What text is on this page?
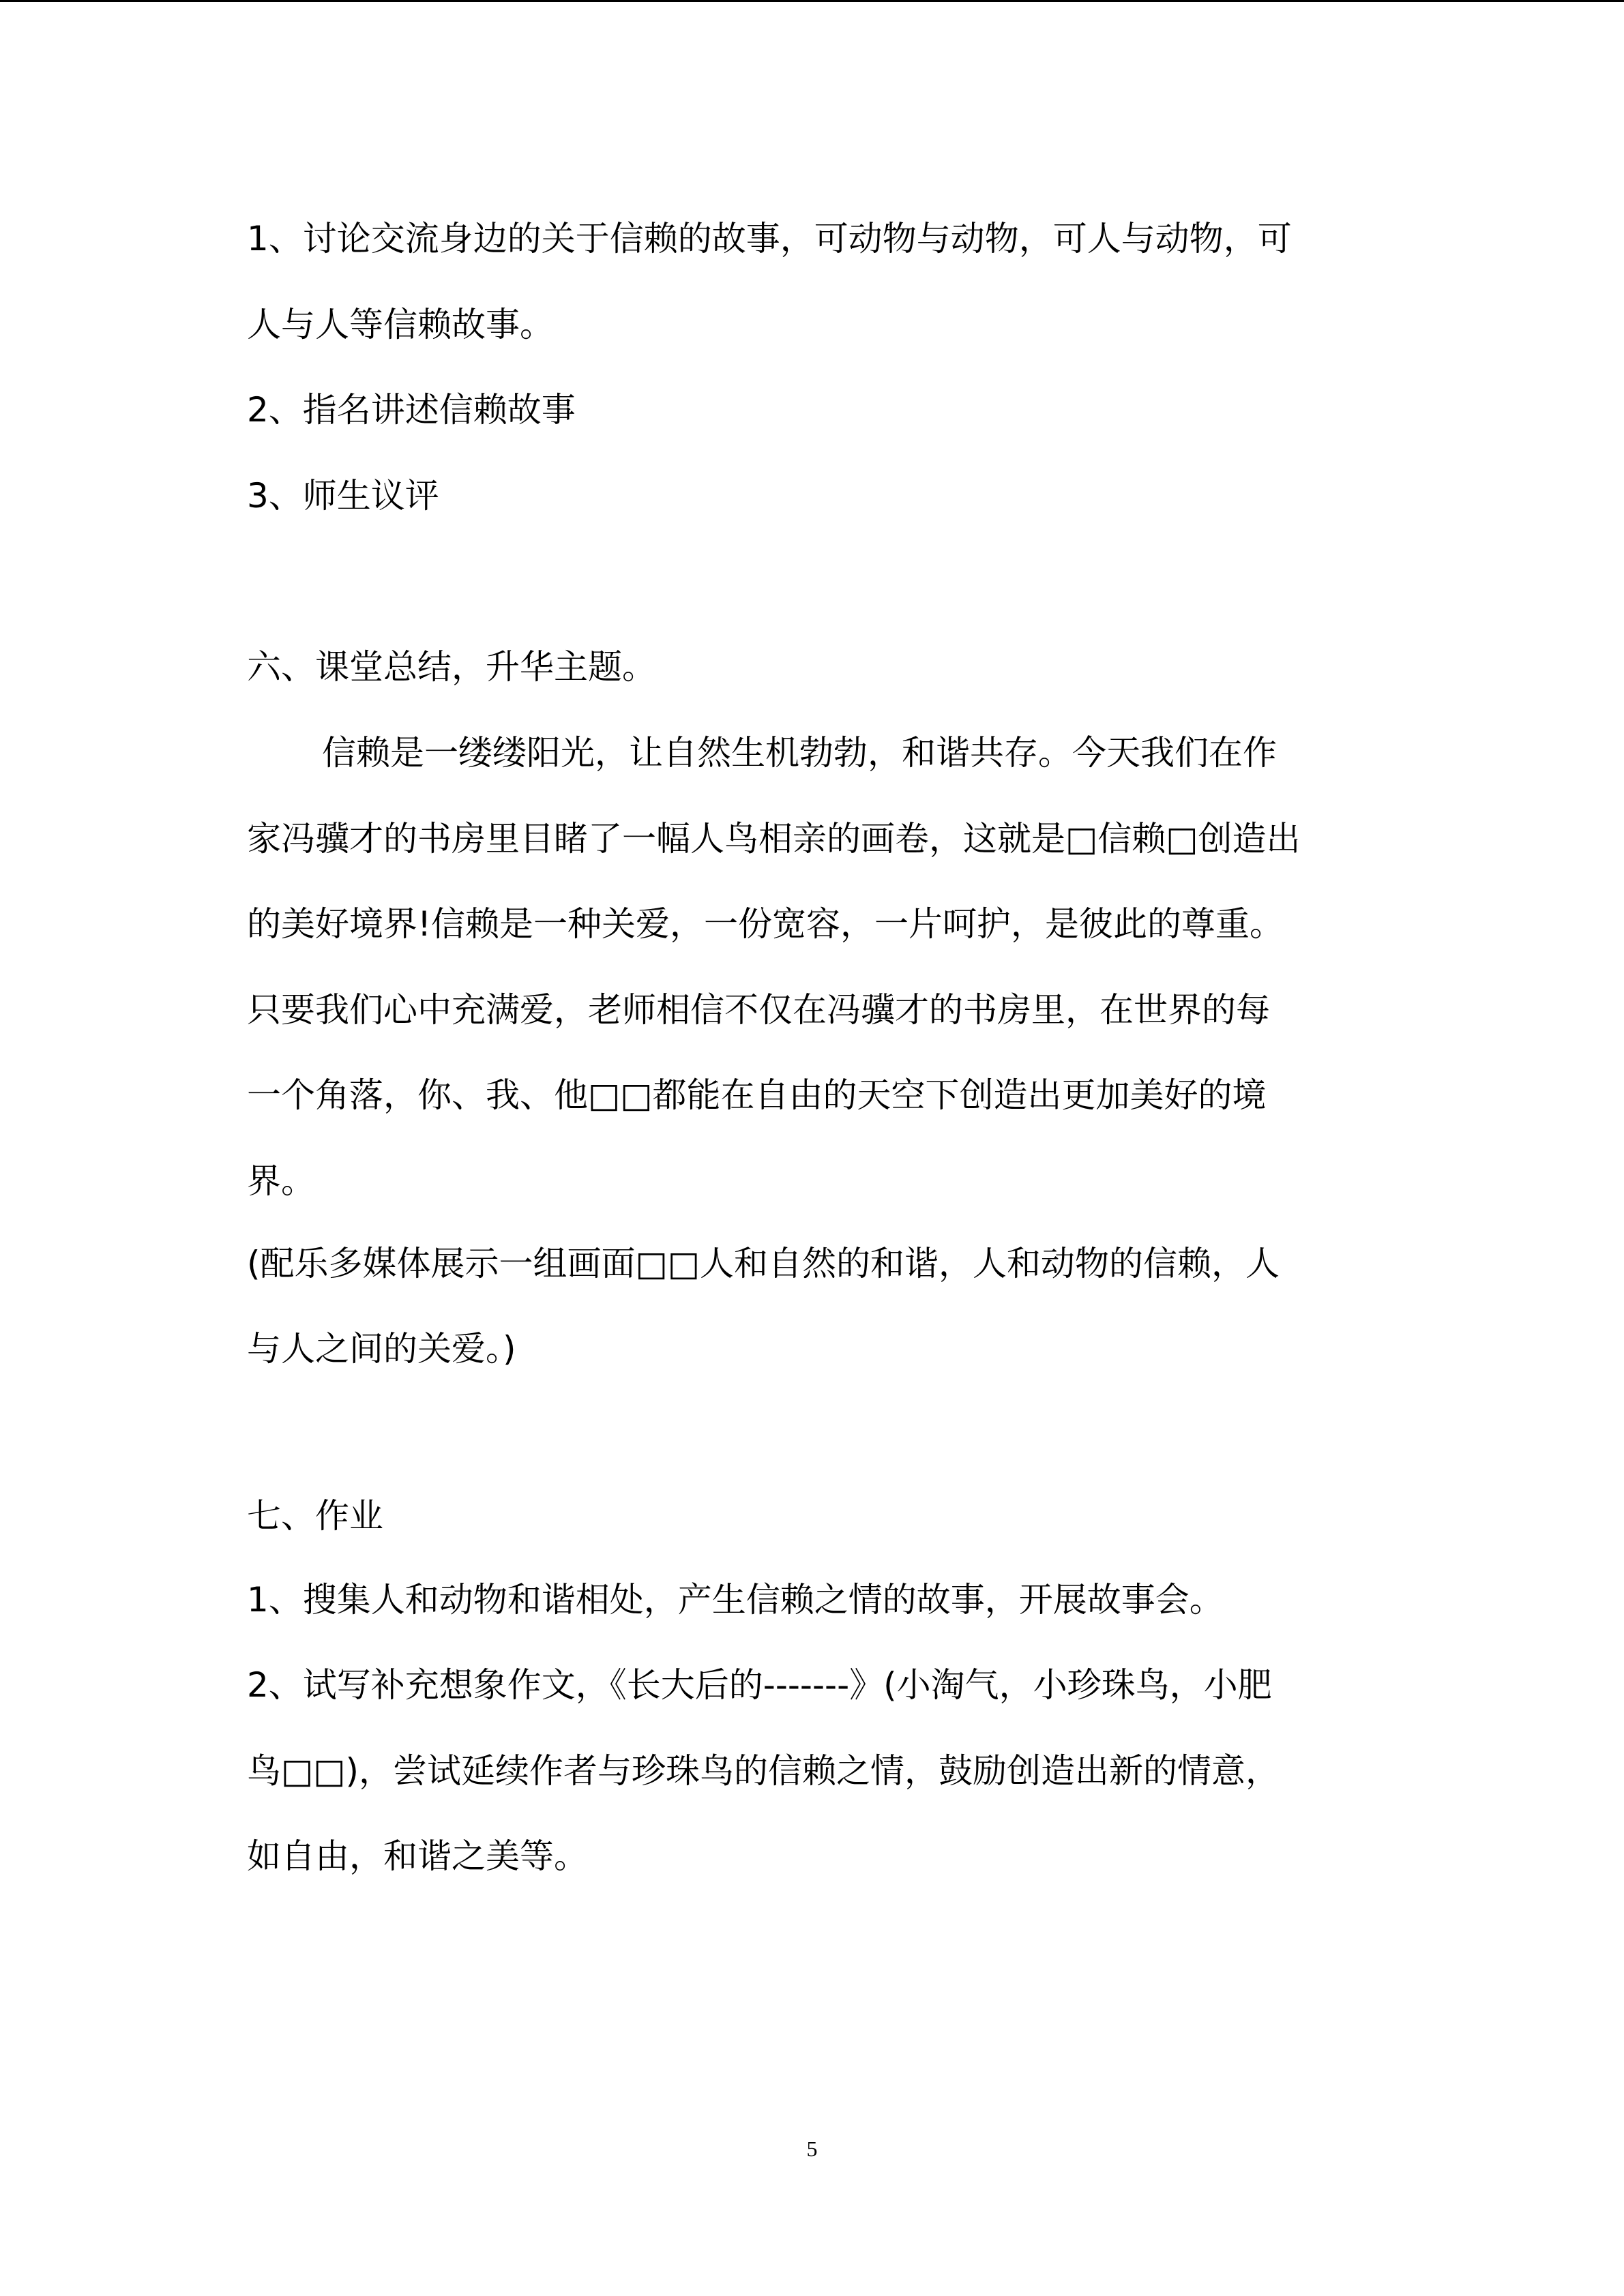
1、讨论交流身边的关于信赖的故事，可动物与动物，可人与动物，可

人与人等信赖故事。

2、指名讲述信赖故事

3、师生议评

六、课堂总结，升华主题。

信赖是一缕缕阳光，让自然生机勃勃，和谐共存。今天我们在作

家冯骥才的书房里目睹了一幅人鸟相亲的画卷，这就是□信赖□创造出

的美好境界!信赖是一种关爱，一份宽容，一片呵护，是彼此的尊重。

只要我们心中充满爱，老师相信不仅在冯骥才的书房里，在世界的每

一个角落，你、我、他□□都能在自由的天空下创造出更加美好的境

界。

(配乐多媒体展示一组画面□□人和自然的和谐，人和动物的信赖，人

与人之间的关爱。)

七、作业

1、搜集人和动物和谐相处，产生信赖之情的故事，开展故事会。

2、试写补充想象作文，《长大后的-------》(小淘气，小珍珠鸟，小肥

鸟□□)，尝试延续作者与珍珠鸟的信赖之情，鼓励创造出新的情意，

如自由，和谐之美等。

5
